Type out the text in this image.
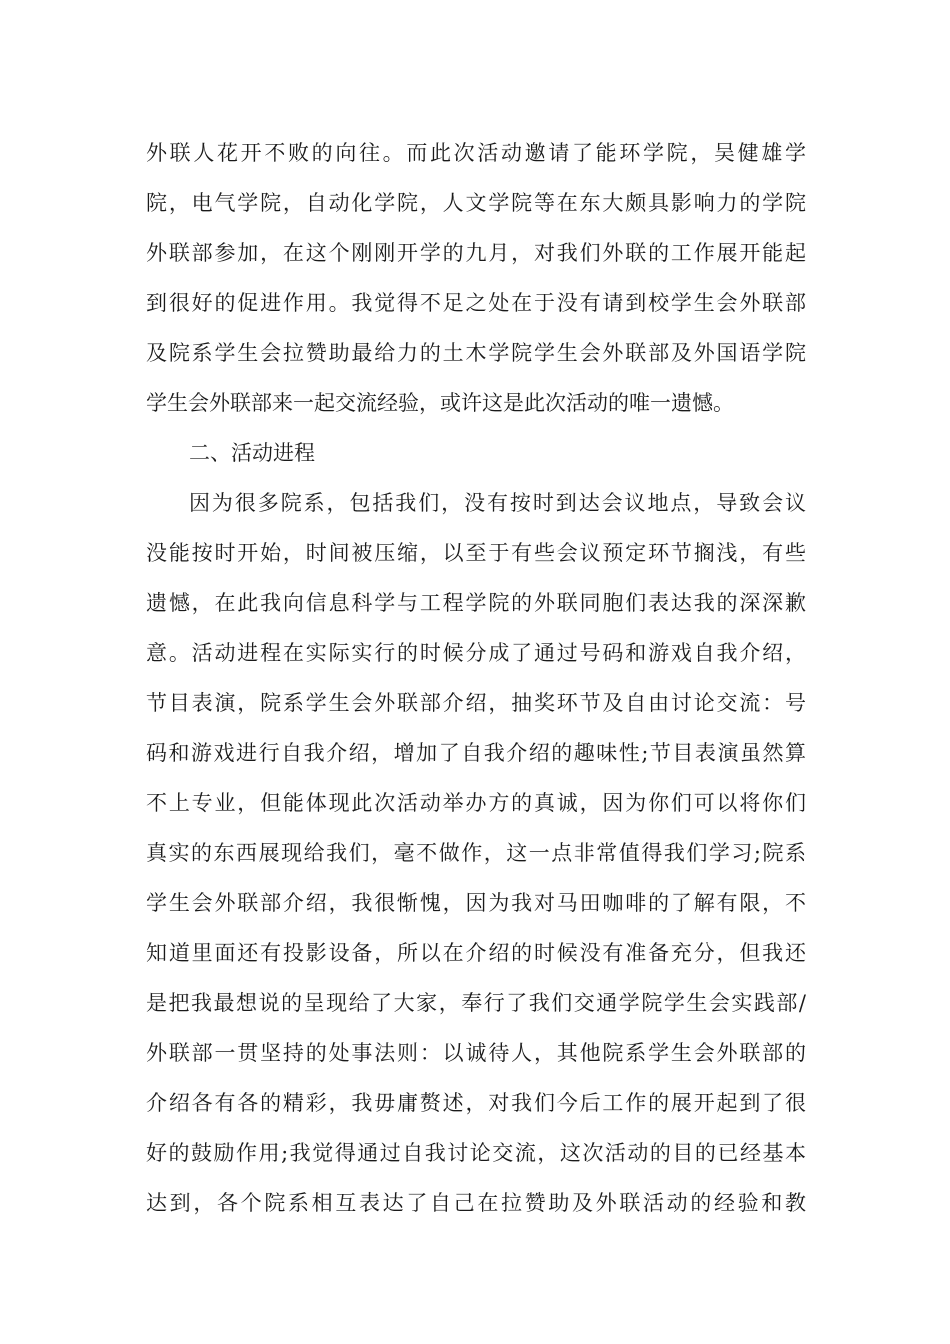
外联人花开不败的向往。而此次活动邀请了能环学院，吴健雄学
院，电气学院，自动化学院，人文学院等在东大颇具影响力的学院
外联部参加，在这个刚刚开学的九月，对我们外联的工作展开能起
到很好的促进作用。我觉得不足之处在于没有请到校学生会外联部
及院系学生会拉赞助最给力的土木学院学生会外联部及外国语学院
学生会外联部来一起交流经验，或许这是此次活动的唯一遗憾。
二、活动进程
因为很多院系，包括我们，没有按时到达会议地点，导致会议
没能按时开始，时间被压缩，以至于有些会议预定环节搁浅，有些
遗憾，在此我向信息科学与工程学院的外联同胞们表达我的深深歉
意。活动进程在实际实行的时候分成了通过号码和游戏自我介绍，
节目表演，院系学生会外联部介绍，抽奖环节及自由讨论交流：号
码和游戏进行自我介绍，增加了自我介绍的趣味性;节目表演虽然算
不上专业，但能体现此次活动举办方的真诚，因为你们可以将你们
真实的东西展现给我们，毫不做作，这一点非常值得我们学习;院系
学生会外联部介绍，我很惭愧，因为我对马田咖啡的了解有限，不
知道里面还有投影设备，所以在介绍的时候没有准备充分，但我还
是把我最想说的呈现给了大家，奉行了我们交通学院学生会实践部/
外联部一贯坚持的处事法则：以诚待人，其他院系学生会外联部的
介绍各有各的精彩，我毋庸赘述，对我们今后工作的展开起到了很
好的鼓励作用;我觉得通过自我讨论交流，这次活动的目的已经基本
达到，各个院系相互表达了自己在拉赞助及外联活动的经验和教
